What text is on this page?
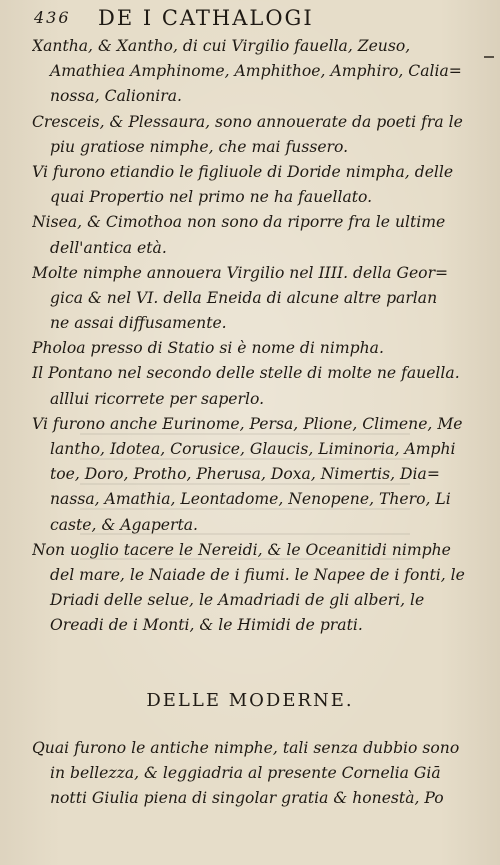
436 DE I CATHALOGI
Xantha, & Xantho, di cui Virgilio fauella, Zeuso,
Amathiea Amphinome, Amphithoe, Amphiro, Calia=
nossa, Calionira.
Cresceis, & Plessaura, sono annouerate da poeti fra le
piu gratiose nimphe, che mai fussero.
Vi furono etiandio le figliuole di Doride nimpha, delle
quai Propertio nel primo ne ha fauellato.
Nisea, & Cimothoa non sono da riporre fra le ultime
dell'antica età.
Molte nimphe annouera Virgilio nel IIII. della Geor=
gica & nel VI. della Eneida di alcune altre parlan
ne assai diffusamente.
Pholoa presso di Statio si è nome di nimpha.
Il Pontano nel secondo delle stelle di molte ne fauella.
alllui ricorrete per saperlo.
Vi furono anche Eurinome, Persa, Plione, Climene, Me
lantho, Idotea, Corusice, Glaucis, Liminoria, Amphi
toe, Doro, Protho, Pherusa, Doxa, Nimertis, Dia=
nassa, Amathia, Leontadome, Nenopene, Thero, Li
caste, & Agaperta.
Non uoglio tacere le Nereidi, & le Oceanitidi nimphe
del mare, le Naiade de i fiumi. le Napee de i fonti, le
Driadi delle selue, le Amadriadi de gli alberi, le
Oreadi de i Monti, & le Himidi de prati.
DELLE MODERNE.
Quai furono le antiche nimphe, tali senza dubbio sono
in bellezza, & leggiadria al presente Cornelia Giā
notti Giulia piena di singolar gratia & honestà, Po
